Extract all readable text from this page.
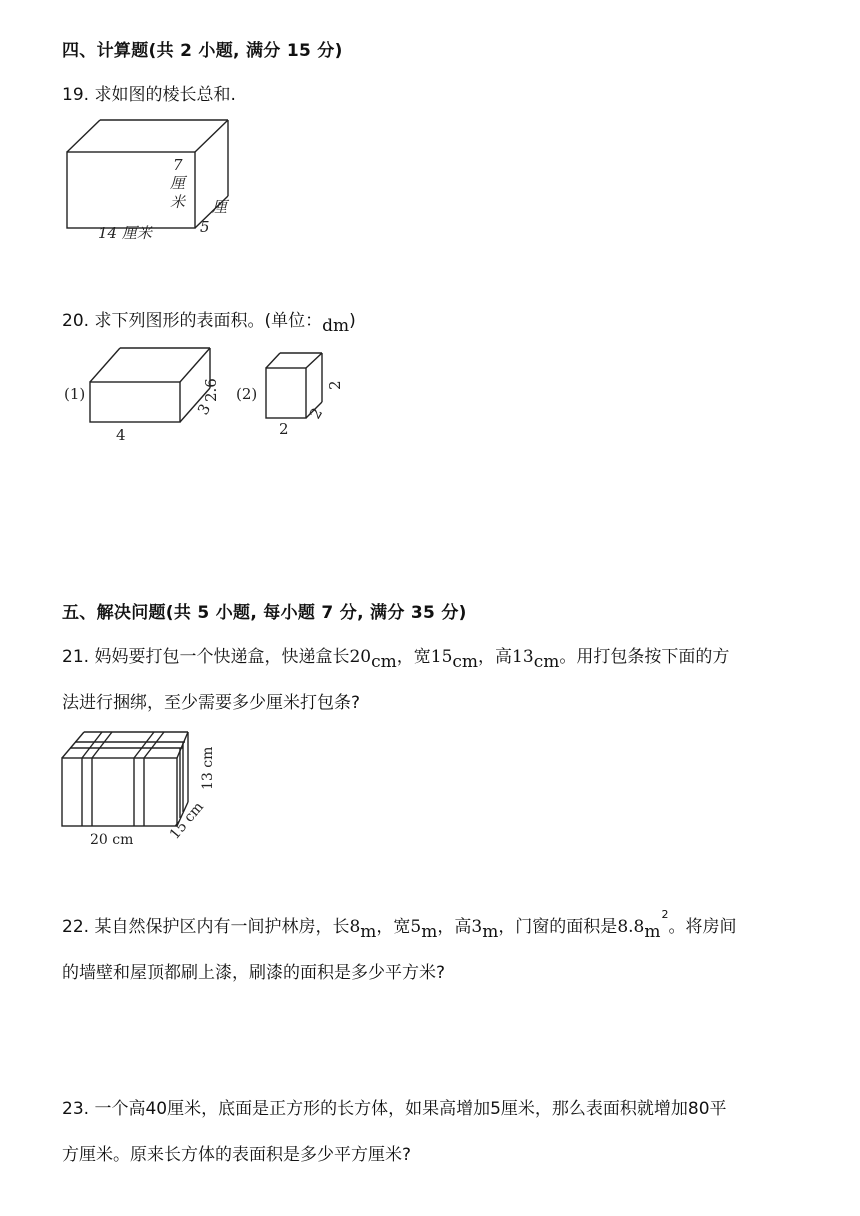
四、计算题(共 2 小题, 满分 15 分)
19. 求如图的棱长总和.
7
厘
米
14 厘米	5
厘
20. 求下列图形的表面积。(单位：dm)
(1)
4
3
2.6 (2)
2
2
2
五、解决问题(共 5 小题, 每小题 7 分, 满分 35 分)
21. 妈妈要打包一个快递盒，快递盒长20cm，宽15cm，高13cm。用打包条按下面的方
法进行捆绑，至少需要多少厘米打包条?
20 cm 15 cm
13 cm
22. 某自然保护区内有一间护林房，长8m，宽5m，高3m，门窗的面积是$8.8m^2$。将房间
的墙壁和屋顶都刷上漆，刷漆的面积是多少平方米?
23. 一个高40厘米，底面是正方形的长方体，如果高增加5厘米，那么表面积就增加80平
方厘米。原来长方体的表面积是多少平方厘米?
